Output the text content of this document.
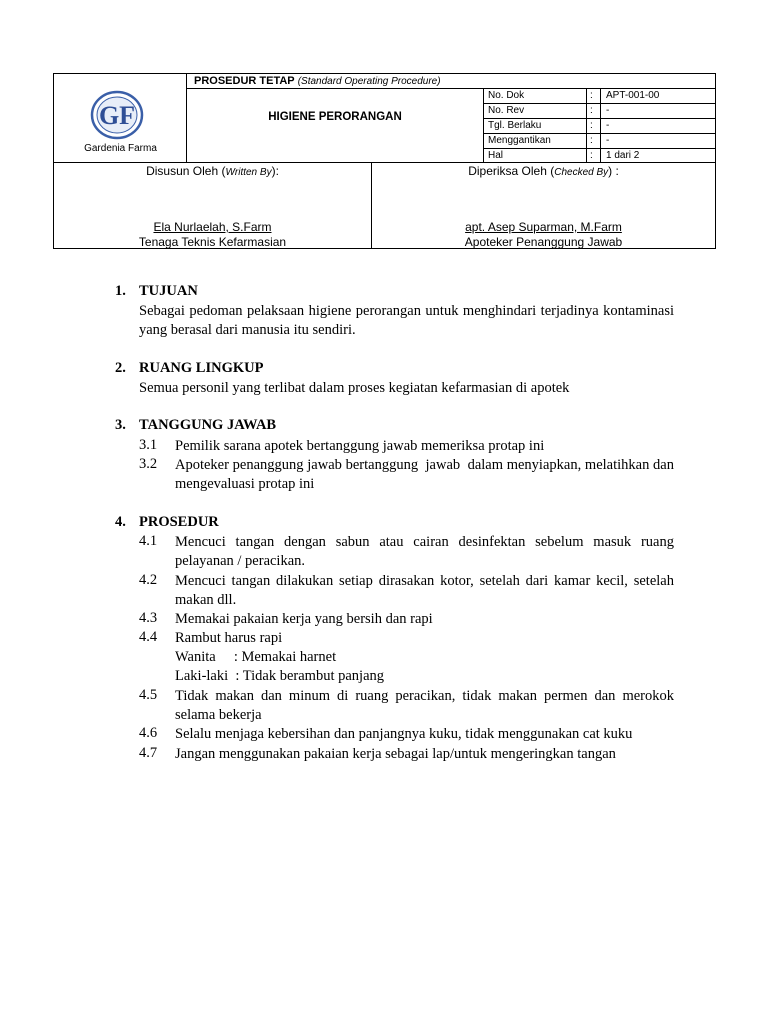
GF
Gardenia Farma
PROSEDUR TETAP (Standard Operating Procedure)
HIGIENE PERORANGAN
No. Dok	: APT-001-00
No. Rev	: -
Tgl. Berlaku	: -
Menggantikan	: -
Hal	: 1 dari 2
Disusun Oleh (Written By):
Ela Nurlaelah, S.Farm
Tenaga Teknis Kefarmasian
Diperiksa Oleh (Checked By) :
apt. Asep Suparman, M.Farm
Apoteker Penanggung Jawab
1. TUJUAN
Sebagai pedoman pelaksaan higiene perorangan untuk menghindari terjadinya kontaminasi yang berasal dari manusia itu sendiri.
2. RUANG LINGKUP
Semua personil yang terlibat dalam proses kegiatan kefarmasian di apotek
3. TANGGUNG JAWAB
3.1 Pemilik sarana apotek bertanggung jawab memeriksa protap ini
3.2 Apoteker penanggung jawab bertanggung  jawab  dalam menyiapkan, melatihkan dan mengevaluasi protap ini
4. PROSEDUR
4.1 Mencuci tangan dengan sabun atau cairan desinfektan sebelum masuk ruang pelayanan / peracikan.
4.2 Mencuci tangan dilakukan setiap dirasakan kotor, setelah dari kamar kecil, setelah makan dll.
4.3 Memakai pakaian kerja yang bersih dan rapi
4.4 Rambut harus rapi
Wanita     : Memakai harnet
Laki-laki  : Tidak berambut panjang
4.5 Tidak makan dan minum di ruang peracikan, tidak makan permen dan merokok selama bekerja
4.6 Selalu menjaga kebersihan dan panjangnya kuku, tidak menggunakan cat kuku
4.7 Jangan menggunakan pakaian kerja sebagai lap/untuk mengeringkan tangan
